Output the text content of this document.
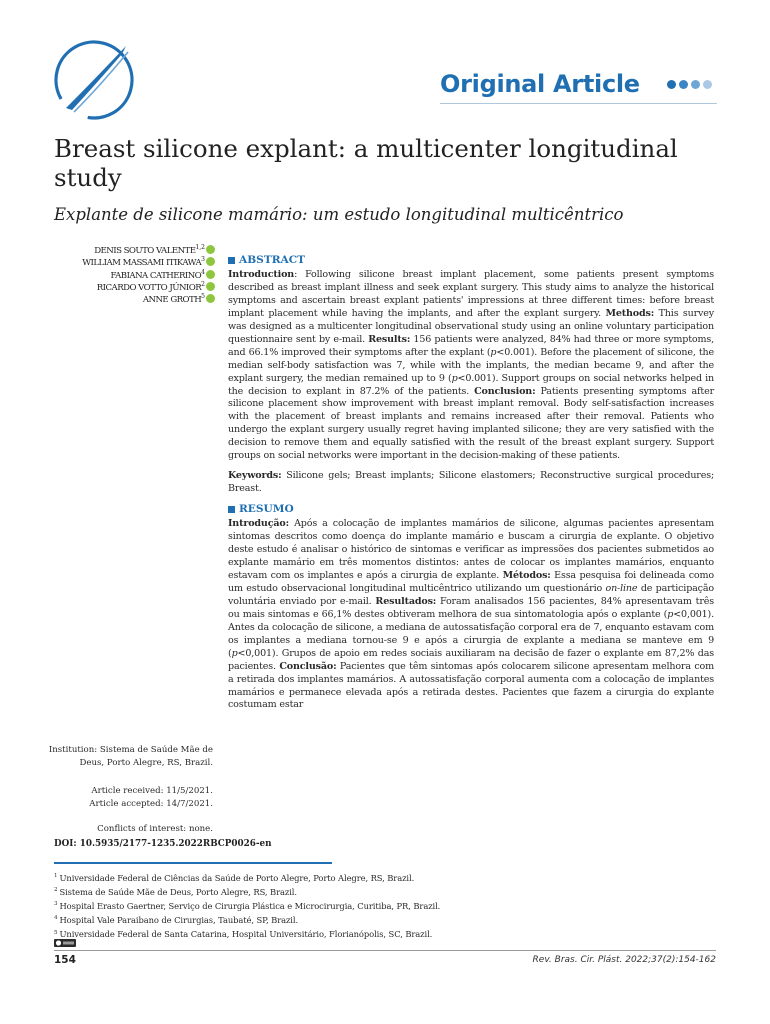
Original Article
Breast silicone explant: a multicenter longitudinal study
Explante de silicone mamário: um estudo longitudinal multicêntrico
DENIS SOUTO VALENTE$^{1,2}$
WILLIAM MASSAMI ITIKAWA$^3$
FABIANA CATHERINO$^4$
RICARDO VOTTO JÚNIOR$^2$
ANNE GROTH$^5$
Institution: Sistema de Saúde Mãe de Deus, Porto Alegre, RS, Brazil.
Article received: 11/5/2021.
Article accepted: 14/7/2021.
Conflicts of interest: none.
ABSTRACT

Introduction: Following silicone breast implant placement, some patients present symptoms described as breast implant illness and seek explant surgery. This study aims to analyze the historical symptoms and ascertain breast explant patients' impressions at three different times: before breast implant placement while having the implants, and after the explant surgery. Methods: This survey was designed as a multicenter longitudinal observational study using an online voluntary participation questionnaire sent by e-mail. Results: 156 patients were analyzed, 84% had three or more symptoms, and 66.1% improved their symptoms after the explant (p<0.001). Before the placement of silicone, the median self-body satisfaction was 7, while with the implants, the median became 9, and after the explant surgery, the median remained up to 9 (p<0.001). Support groups on social networks helped in the decision to explant in 87.2% of the patients. Conclusion: Patients presenting symptoms after silicone placement show improvement with breast implant removal. Body self-satisfaction increases with the placement of breast implants and remains increased after their removal. Patients who undergo the explant surgery usually regret having implanted silicone; they are very satisfied with the decision to remove them and equally satisfied with the result of the breast explant surgery. Support groups on social networks were important in the decision-making of these patients.

Keywords: Silicone gels; Breast implants; Silicone elastomers; Reconstructive surgical procedures; Breast.

RESUMO

Introdução: Após a colocação de implantes mamários de silicone, algumas pacientes apresentam sintomas descritos como doença do implante mamário e buscam a cirurgia de explante. O objetivo deste estudo é analisar o histórico de sintomas e verificar as impressões dos pacientes submetidos ao explante mamário em três momentos distintos: antes de colocar os implantes mamários, enquanto estavam com os implantes e após a cirurgia de explante. Métodos: Essa pesquisa foi delineada como um estudo observacional longitudinal multicêntrico utilizando um questionário on-line de participação voluntária enviado por e-mail. Resultados: Foram analisados 156 pacientes, 84% apresentavam três ou mais sintomas e 66,1% destes obtiveram melhora de sua sintomatologia após o explante (p<0,001). Antes da colocação de silicone, a mediana de autossatisfação corporal era de 7, enquanto estavam com os implantes a mediana tornou-se 9 e após a cirurgia de explante a mediana se manteve em 9 (p<0,001). Grupos de apoio em redes sociais auxiliaram na decisão de fazer o explante em 87,2% das pacientes. Conclusão: Pacientes que têm sintomas após colocarem silicone apresentam melhora com a retirada dos implantes mamários. A autossatisfação corporal aumenta com a colocação de implantes mamários e permanece elevada após a retirada destes. Pacientes que fazem a cirurgia do explante costumam estar

DOI: 10.5935/2177-1235.2022RBCP0026-en
$^1$ Universidade Federal de Ciências da Saúde de Porto Alegre, Porto Alegre, RS, Brazil.
$^2$ Sistema de Saúde Mãe de Deus, Porto Alegre, RS, Brazil.
$^3$ Hospital Erasto Gaertner, Serviço de Cirurgia Plástica e Microcirurgia, Curitiba, PR, Brazil.
$^4$ Hospital Vale Paraibano de Cirurgias, Taubaté, SP, Brazil.
$^5$ Universidade Federal de Santa Catarina, Hospital Universitário, Florianópolis, SC, Brazil.
154	Rev. Bras. Cir. Plást. 2022;37(2):154-162
